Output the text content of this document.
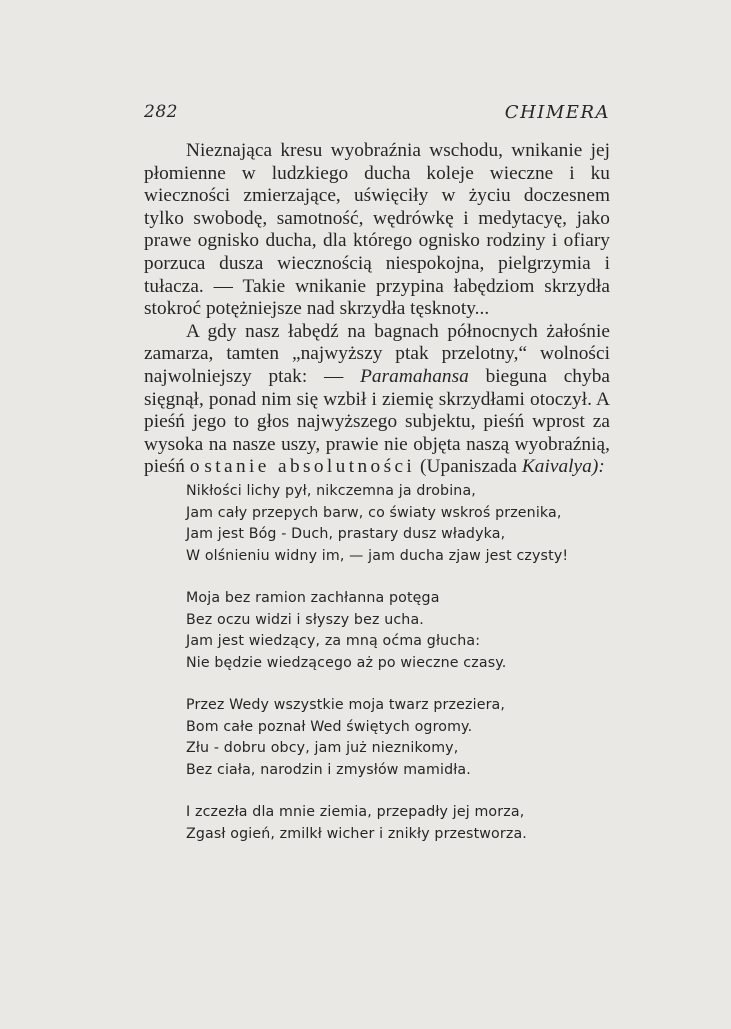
282	CHIMERA

Nieznająca kresu wyobraźnia wschodu, wnikanie jej płomienne w ludzkiego ducha koleje wieczne i ku wieczności zmierzające, uświęciły w życiu doczesnem tylko swobodę, samotność, wędrówkę i medytacyę, jako prawe ognisko ducha, dla którego ognisko rodziny i ofiary porzuca dusza wiecznością niespokojna, pielgrzymia i tułacza. — Takie wnikanie przypina łabędziom skrzydła stokroć potężniejsze nad skrzydła tęsknoty...

A gdy nasz łabędź na bagnach północnych żałośnie zamarza, tamten „najwyższy ptak przelotny,“ wolności najwolniejszy ptak: — Paramahansa bieguna chyba sięgnął, ponad nim się wzbił i ziemię skrzydłami otoczył. A pieśń jego to głos najwyższego subjektu, pieśń wprost za wysoka na nasze uszy, prawie nie objęta naszą wyobraźnią, pieśń o stanie absolutności (Upaniszada Kaivalya):

Nikłości lichy pył, nikczemna ja drobina,
Jam cały przepych barw, co światy wskroś przenika,
Jam jest Bóg - Duch, prastary dusz władyka,
W olśnieniu widny im, — jam ducha zjaw jest czysty!
Moja bez ramion zachłanna potęga
Bez oczu widzi i słyszy bez ucha.
Jam jest wiedzący, za mną oćma głucha:
Nie będzie wiedzącego aż po wieczne czasy.
Przez Wedy wszystkie moja twarz przeziera,
Bom całe poznał Wed świętych ogromy.
Złu - dobru obcy, jam już nieznikomy,
Bez ciała, narodzin i zmysłów mamidła.
I zczezła dla mnie ziemia, przepadły jej morza,
Zgasł ogień, zmilkł wicher i znikły przestworza.
